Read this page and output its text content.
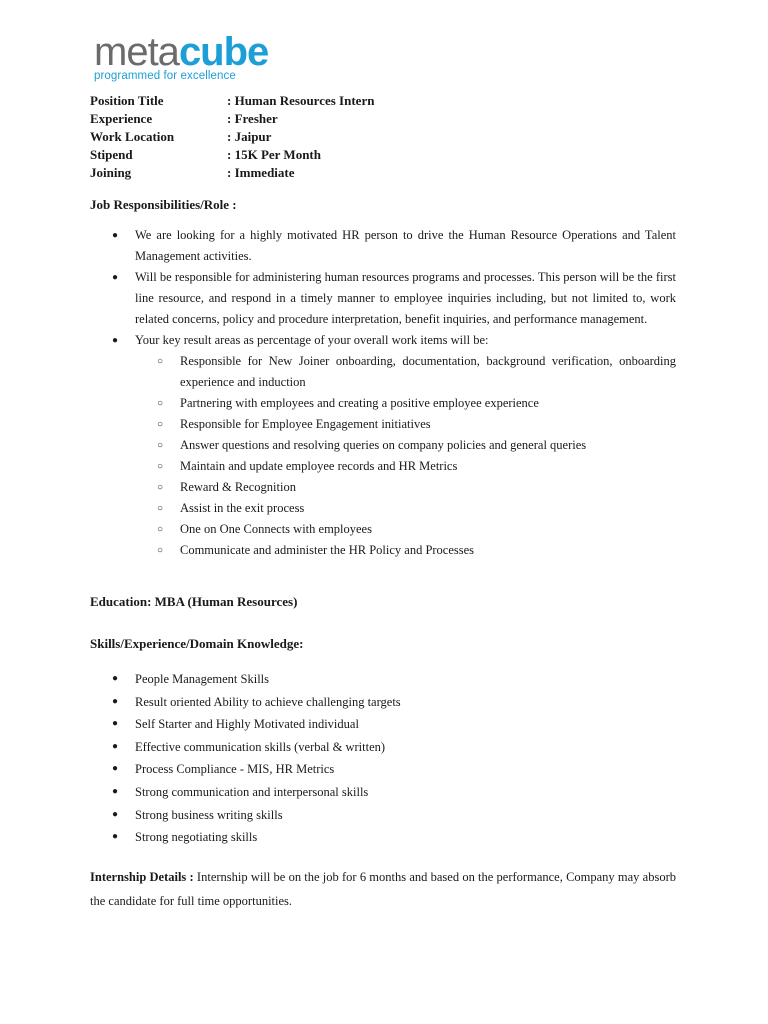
metacube
programmed for excellence
Position Title	: Human Resources Intern
Experience	: Fresher
Work Location	: Jaipur
Stipend	: 15K Per Month
Joining	: Immediate
Job Responsibilities/Role :
● We are looking for a highly motivated HR person to drive the Human Resource Operations and Talent Management activities.
● Will be responsible for administering human resources programs and processes. This person will be the first line resource, and respond in a timely manner to employee inquiries including, but not limited to, work related concerns, policy and procedure interpretation, benefit inquiries, and performance management.
● Your key result areas as percentage of your overall work items will be:
○ Responsible for New Joiner onboarding, documentation, background verification, onboarding experience and induction
○ Partnering with employees and creating a positive employee experience
○ Responsible for Employee Engagement initiatives
○ Answer questions and resolving queries on company policies and general queries
○ Maintain and update employee records and HR Metrics
○ Reward & Recognition
○ Assist in the exit process
○ One on One Connects with employees
○ Communicate and administer the HR Policy and Processes
Education: MBA (Human Resources)
Skills/Experience/Domain Knowledge:
● People Management Skills
● Result oriented Ability to achieve challenging targets
● Self Starter and Highly Motivated individual
● Effective communication skills (verbal & written)
● Process Compliance - MIS, HR Metrics
● Strong communication and interpersonal skills
● Strong business writing skills
● Strong negotiating skills
Internship Details : Internship will be on the job for 6 months and based on the performance, Company may absorb the candidate for full time opportunities.
